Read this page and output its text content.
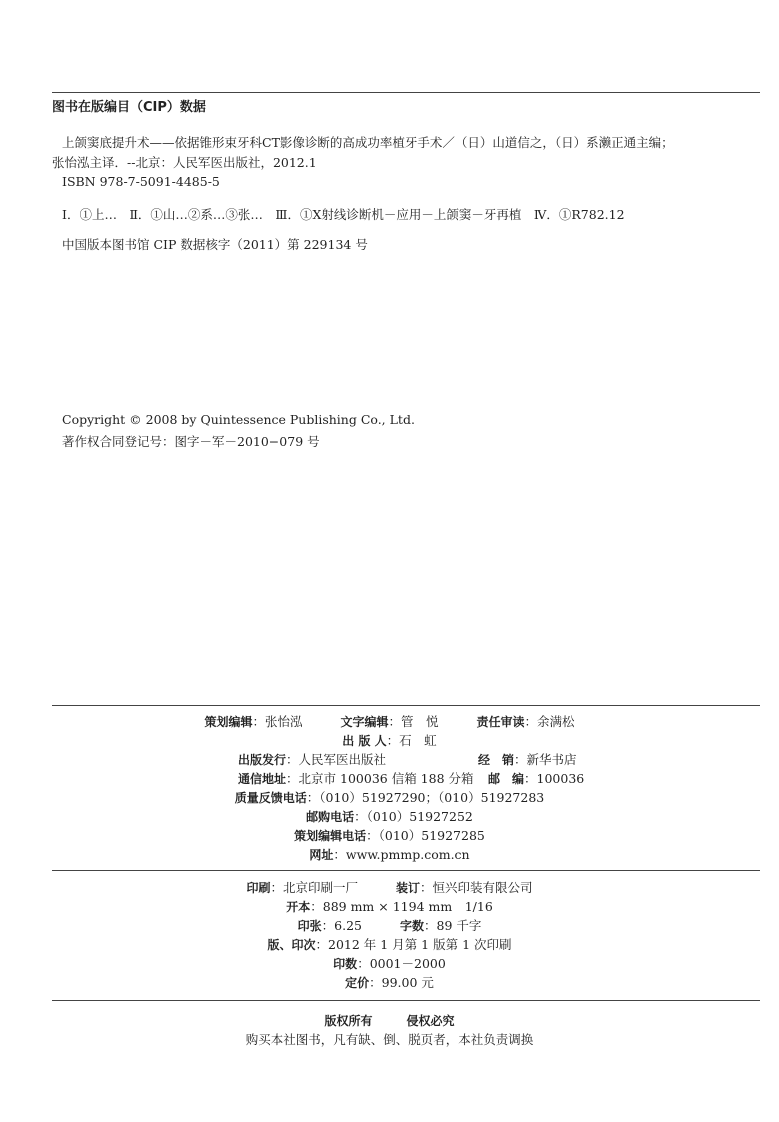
图书在版编目（CIP）数据
上颌窦底提升术——依据锥形束牙科CT影像诊断的高成功率植牙手术／（日）山道信之，（日）系濑正通主编；
张怡泓主译．--北京：人民军医出版社，2012.1
ISBN 978-7-5091-4485-5
Ⅰ．①上…　Ⅱ．①山…②系…③张…　Ⅲ．①X射线诊断机－应用－上颌窦－牙再植　Ⅳ．①R782.12
中国版本图书馆 CIP 数据核字（2011）第 229134 号
Copyright © 2008 by Quintessence Publishing Co., Ltd.
著作权合同登记号：图字－军－2010−079 号
策划编辑：张怡泓	文字编辑：管　悦	责任审读：余满松
出 版 人：石　虹
出版发行：人民军医出版社	经　销：新华书店
通信地址：北京市 100036 信箱 188 分箱 邮　编：100036
质量反馈电话：（010）51927290；（010）51927283
邮购电话：（010）51927252
策划编辑电话：（010）51927285
网址：www.pmmp.com.cn
印刷：北京印刷一厂	装订：恒兴印装有限公司
开本：889 mm × 1194 mm　1/16
印张：6.25	字数：89 千字
版、印次：2012 年 1 月第 1 版第 1 次印刷
印数：0001－2000
定价：99.00 元
版权所有	侵权必究
购买本社图书，凡有缺、倒、脱页者，本社负责调换
